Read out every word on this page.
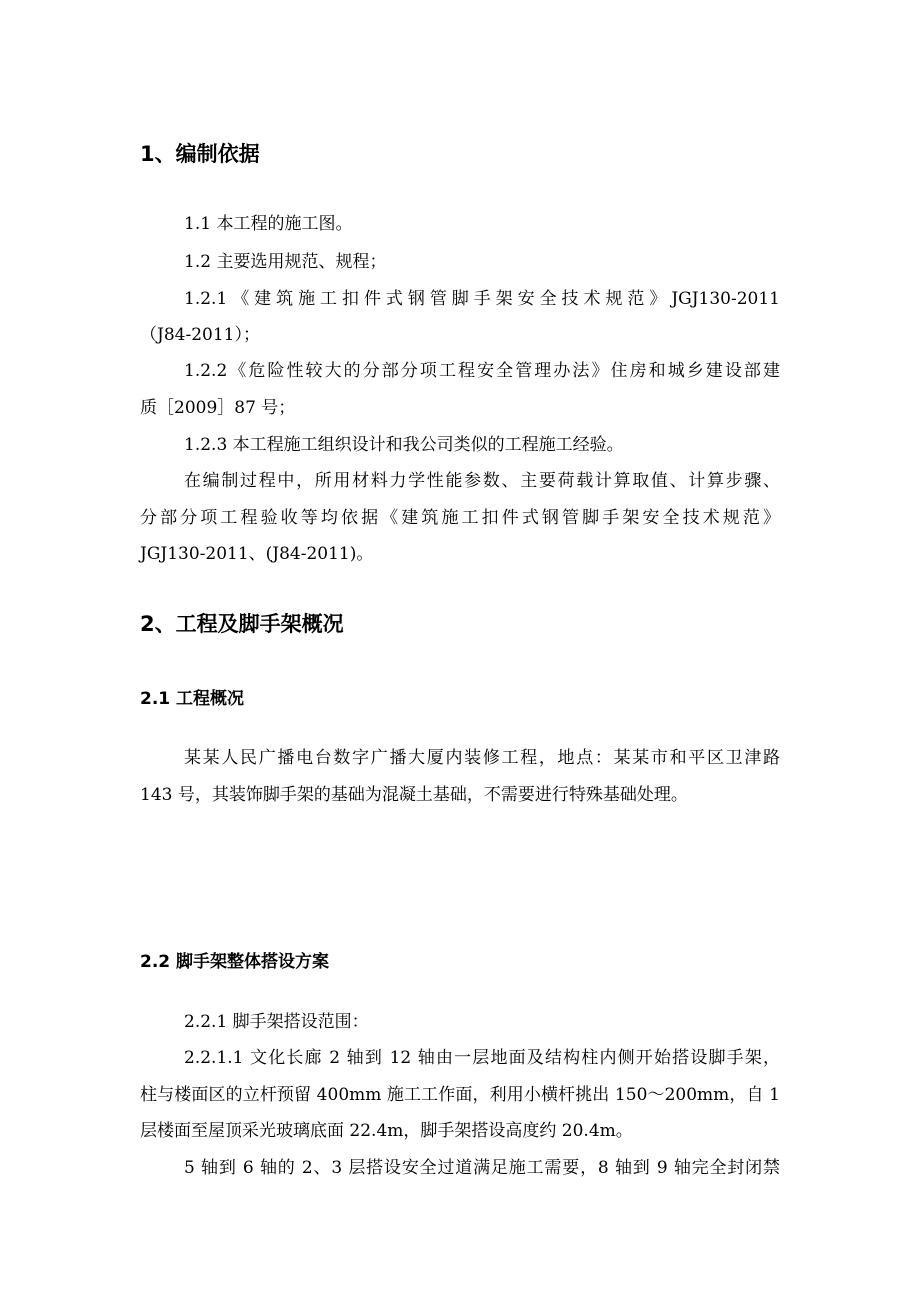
1、编制依据
1.1 本工程的施工图。
1.2 主要选用规范、规程；
1.2.1《建筑施工扣件式钢管脚手架安全技术规范》JGJ130-2011
（J84-2011）；
1.2.2《危险性较大的分部分项工程安全管理办法》住房和城乡建设部建
质［2009］87 号；
1.2.3 本工程施工组织设计和我公司类似的工程施工经验。
在编制过程中，所用材料力学性能参数、主要荷载计算取值、计算步骤、
分部分项工程验收等均依据《建筑施工扣件式钢管脚手架安全技术规范》
JGJ130-2011、(J84-2011)。
2、工程及脚手架概况
2.1 工程概况
某某人民广播电台数字广播大厦内装修工程，地点：某某市和平区卫津路
143 号，其装饰脚手架的基础为混凝土基础，不需要进行特殊基础处理。
2.2 脚手架整体搭设方案
2.2.1 脚手架搭设范围：
2.2.1.1 文化长廊 2 轴到 12 轴由一层地面及结构柱内侧开始搭设脚手架，
柱与楼面区的立杆预留 400mm 施工工作面，利用小横杆挑出 150～200mm，自 1
层楼面至屋顶采光玻璃底面 22.4m，脚手架搭设高度约 20.4m。
5 轴到 6 轴的 2、3 层搭设安全过道满足施工需要，8 轴到 9 轴完全封闭禁
